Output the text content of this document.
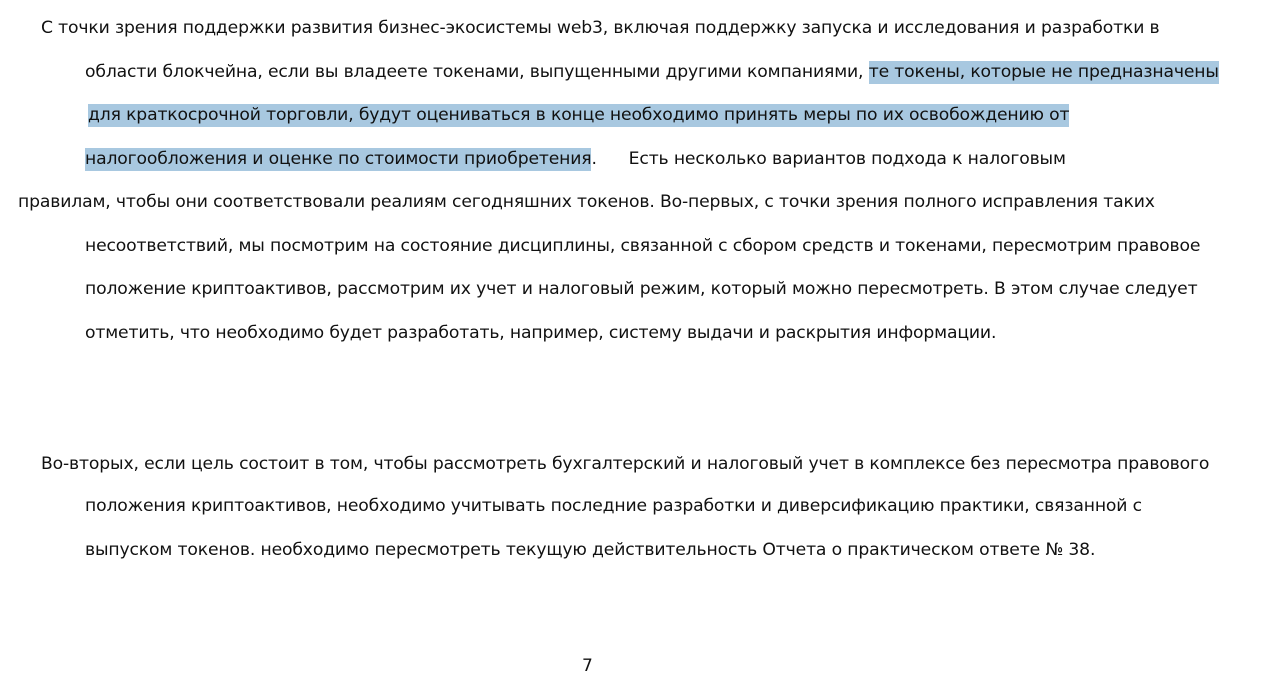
С точки зрения поддержки развития бизнес-экосистемы web3, включая поддержку запуска и исследования и разработки в
области блокчейна, если вы владеете токенами, выпущенными другими компаниями, те токены, которые не предназначены
для краткосрочной торговли, будут оцениваться в конце необходимо принять меры по их освобождению от
налогообложения и оценке по стоимости приобретения.      Есть несколько вариантов подхода к налоговым
правилам, чтобы они соответствовали реалиям сегодняшних токенов. Во-первых, с точки зрения полного исправления таких
несоответствий, мы посмотрим на состояние дисциплины, связанной с сбором средств и токенами, пересмотрим правовое
положение криптоактивов, рассмотрим их учет и налоговый режим, который можно пересмотреть. В этом случае следует
отметить, что необходимо будет разработать, например, систему выдачи и раскрытия информации.
Во-вторых, если цель состоит в том, чтобы рассмотреть бухгалтерский и налоговый учет в комплексе без пересмотра правового
положения криптоактивов, необходимо учитывать последние разработки и диверсификацию практики, связанной с
выпуском токенов. необходимо пересмотреть текущую действительность Отчета о практическом ответе № 38.
7
